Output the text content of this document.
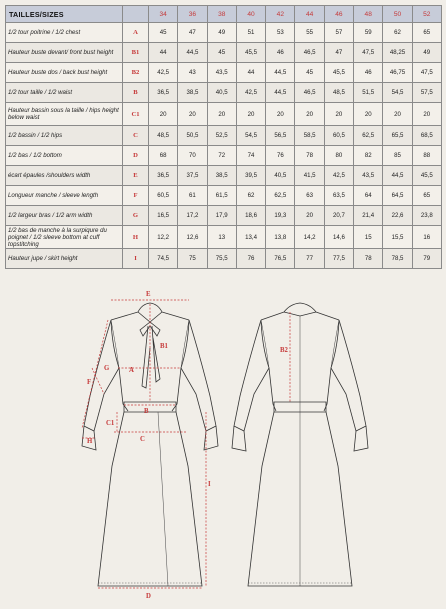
TAILLES/SIZES		34	36	38	40	42	44	46	48	50	52
1/2 tour poitrine / 1/2 chest	A	45	47	49	51	53	55	57	59	62	65
Hauteur buste devant/ front bust height	B1	44	44,5	45	45,5	46	46,5	47	47,5	48,25	49
Hauteur buste dos / back bust height	B2	42,5	43	43,5	44	44,5	45	45,5	46	46,75	47,5
1/2 tour taille / 1/2 waist	B	36,5	38,5	40,5	42,5	44,5	46,5	48,5	51,5	54,5	57,5
Hauteur bassin sous la taille / hips height below waist	C1	20	20	20	20	20	20	20	20	20	20
1/2 bassin / 1/2 hips	C	48,5	50,5	52,5	54,5	56,5	58,5	60,5	62,5	65,5	68,5
1/2 bas / 1/2 bottom	D	68	70	72	74	76	78	80	82	85	88
écart épaules /shoulders width	E	36,5	37,5	38,5	39,5	40,5	41,5	42,5	43,5	44,5	45,5
Longueur manche / sleeve length	F	60,5	61	61,5	62	62,5	63	63,5	64	64,5	65
1/2 largeur bras / 1/2 arm width	G	16,5	17,2	17,9	18,6	19,3	20	20,7	21,4	22,6	23,8
1/2 bas de manche à la surpiqure du poignet / 1/2 sleeve bottom at cuff topstitching	H	12,2	12,6	13	13,4	13,8	14,2	14,6	15	15,5	16
Hauteur jupe / skirt height	I	74,5	75	75,5	76	76,5	77	77,5	78	78,5	79
E
B1
F
A
G
B
C1
H	C
I
D
B2
